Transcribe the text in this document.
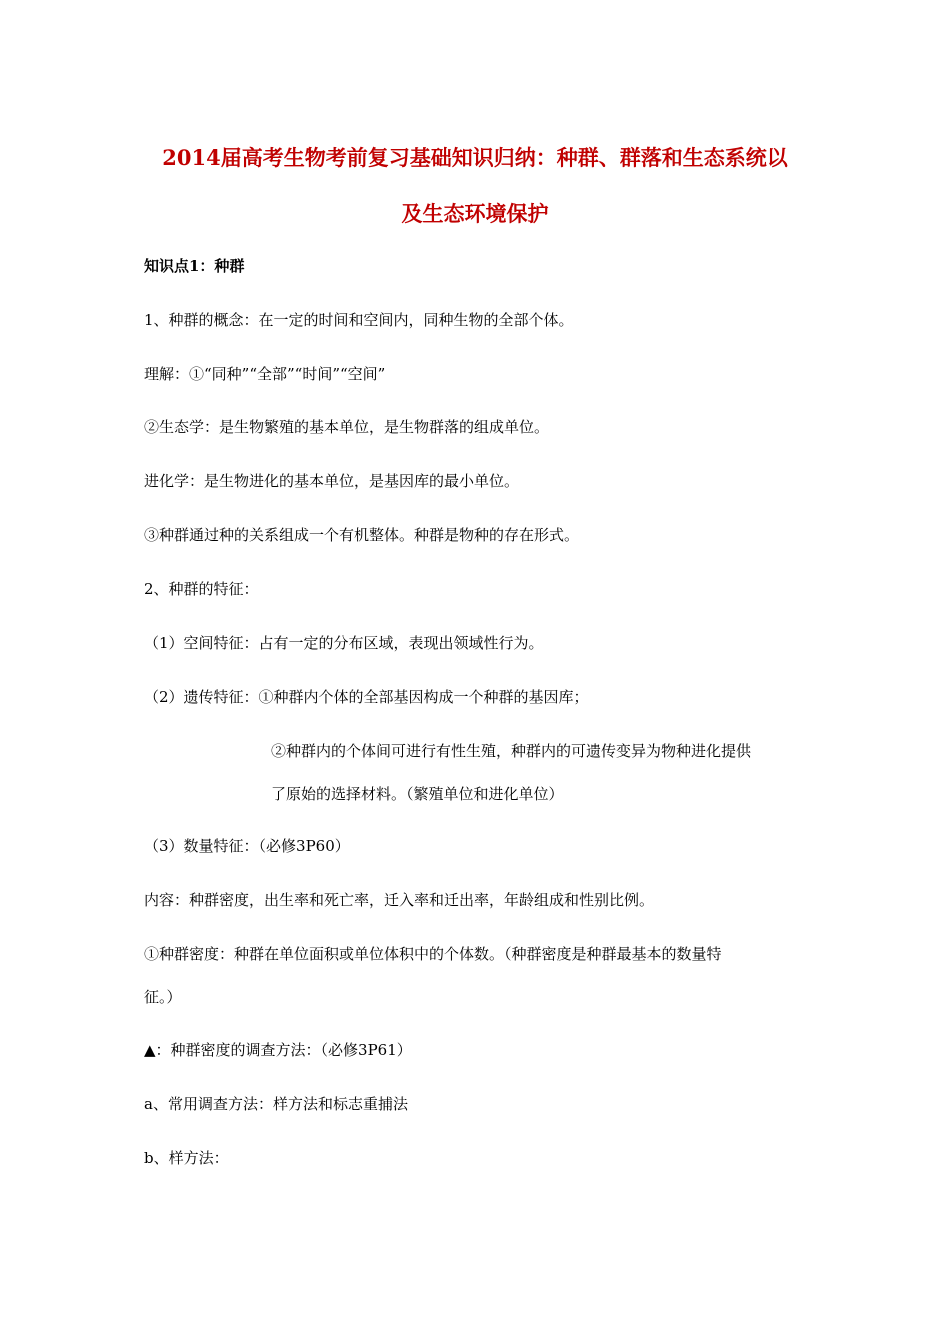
2014届高考生物考前复习基础知识归纳：种群、群落和生态系统以
及生态环境保护
知识点1：种群
1、种群的概念：在一定的时间和空间内，同种生物的全部个体。
理解：①“同种”“全部”“时间”“空间”
②生态学：是生物繁殖的基本单位，是生物群落的组成单位。
进化学：是生物进化的基本单位，是基因库的最小单位。
③种群通过种的关系组成一个有机整体。种群是物种的存在形式。
2、种群的特征：
（1）空间特征：占有一定的分布区域，表现出领域性行为。
（2）遗传特征：①种群内个体的全部基因构成一个种群的基因库；
②种群内的个体间可进行有性生殖，种群内的可遗传变异为物种进化提供
了原始的选择材料。（繁殖单位和进化单位）
（3）数量特征：（必修3P60）
内容：种群密度，出生率和死亡率，迁入率和迁出率，年龄组成和性别比例。
①种群密度：种群在单位面积或单位体积中的个体数。（种群密度是种群最基本的数量特
征。）
▲：种群密度的调查方法：（必修3P61）
a、常用调查方法：样方法和标志重捕法
b、样方法：
